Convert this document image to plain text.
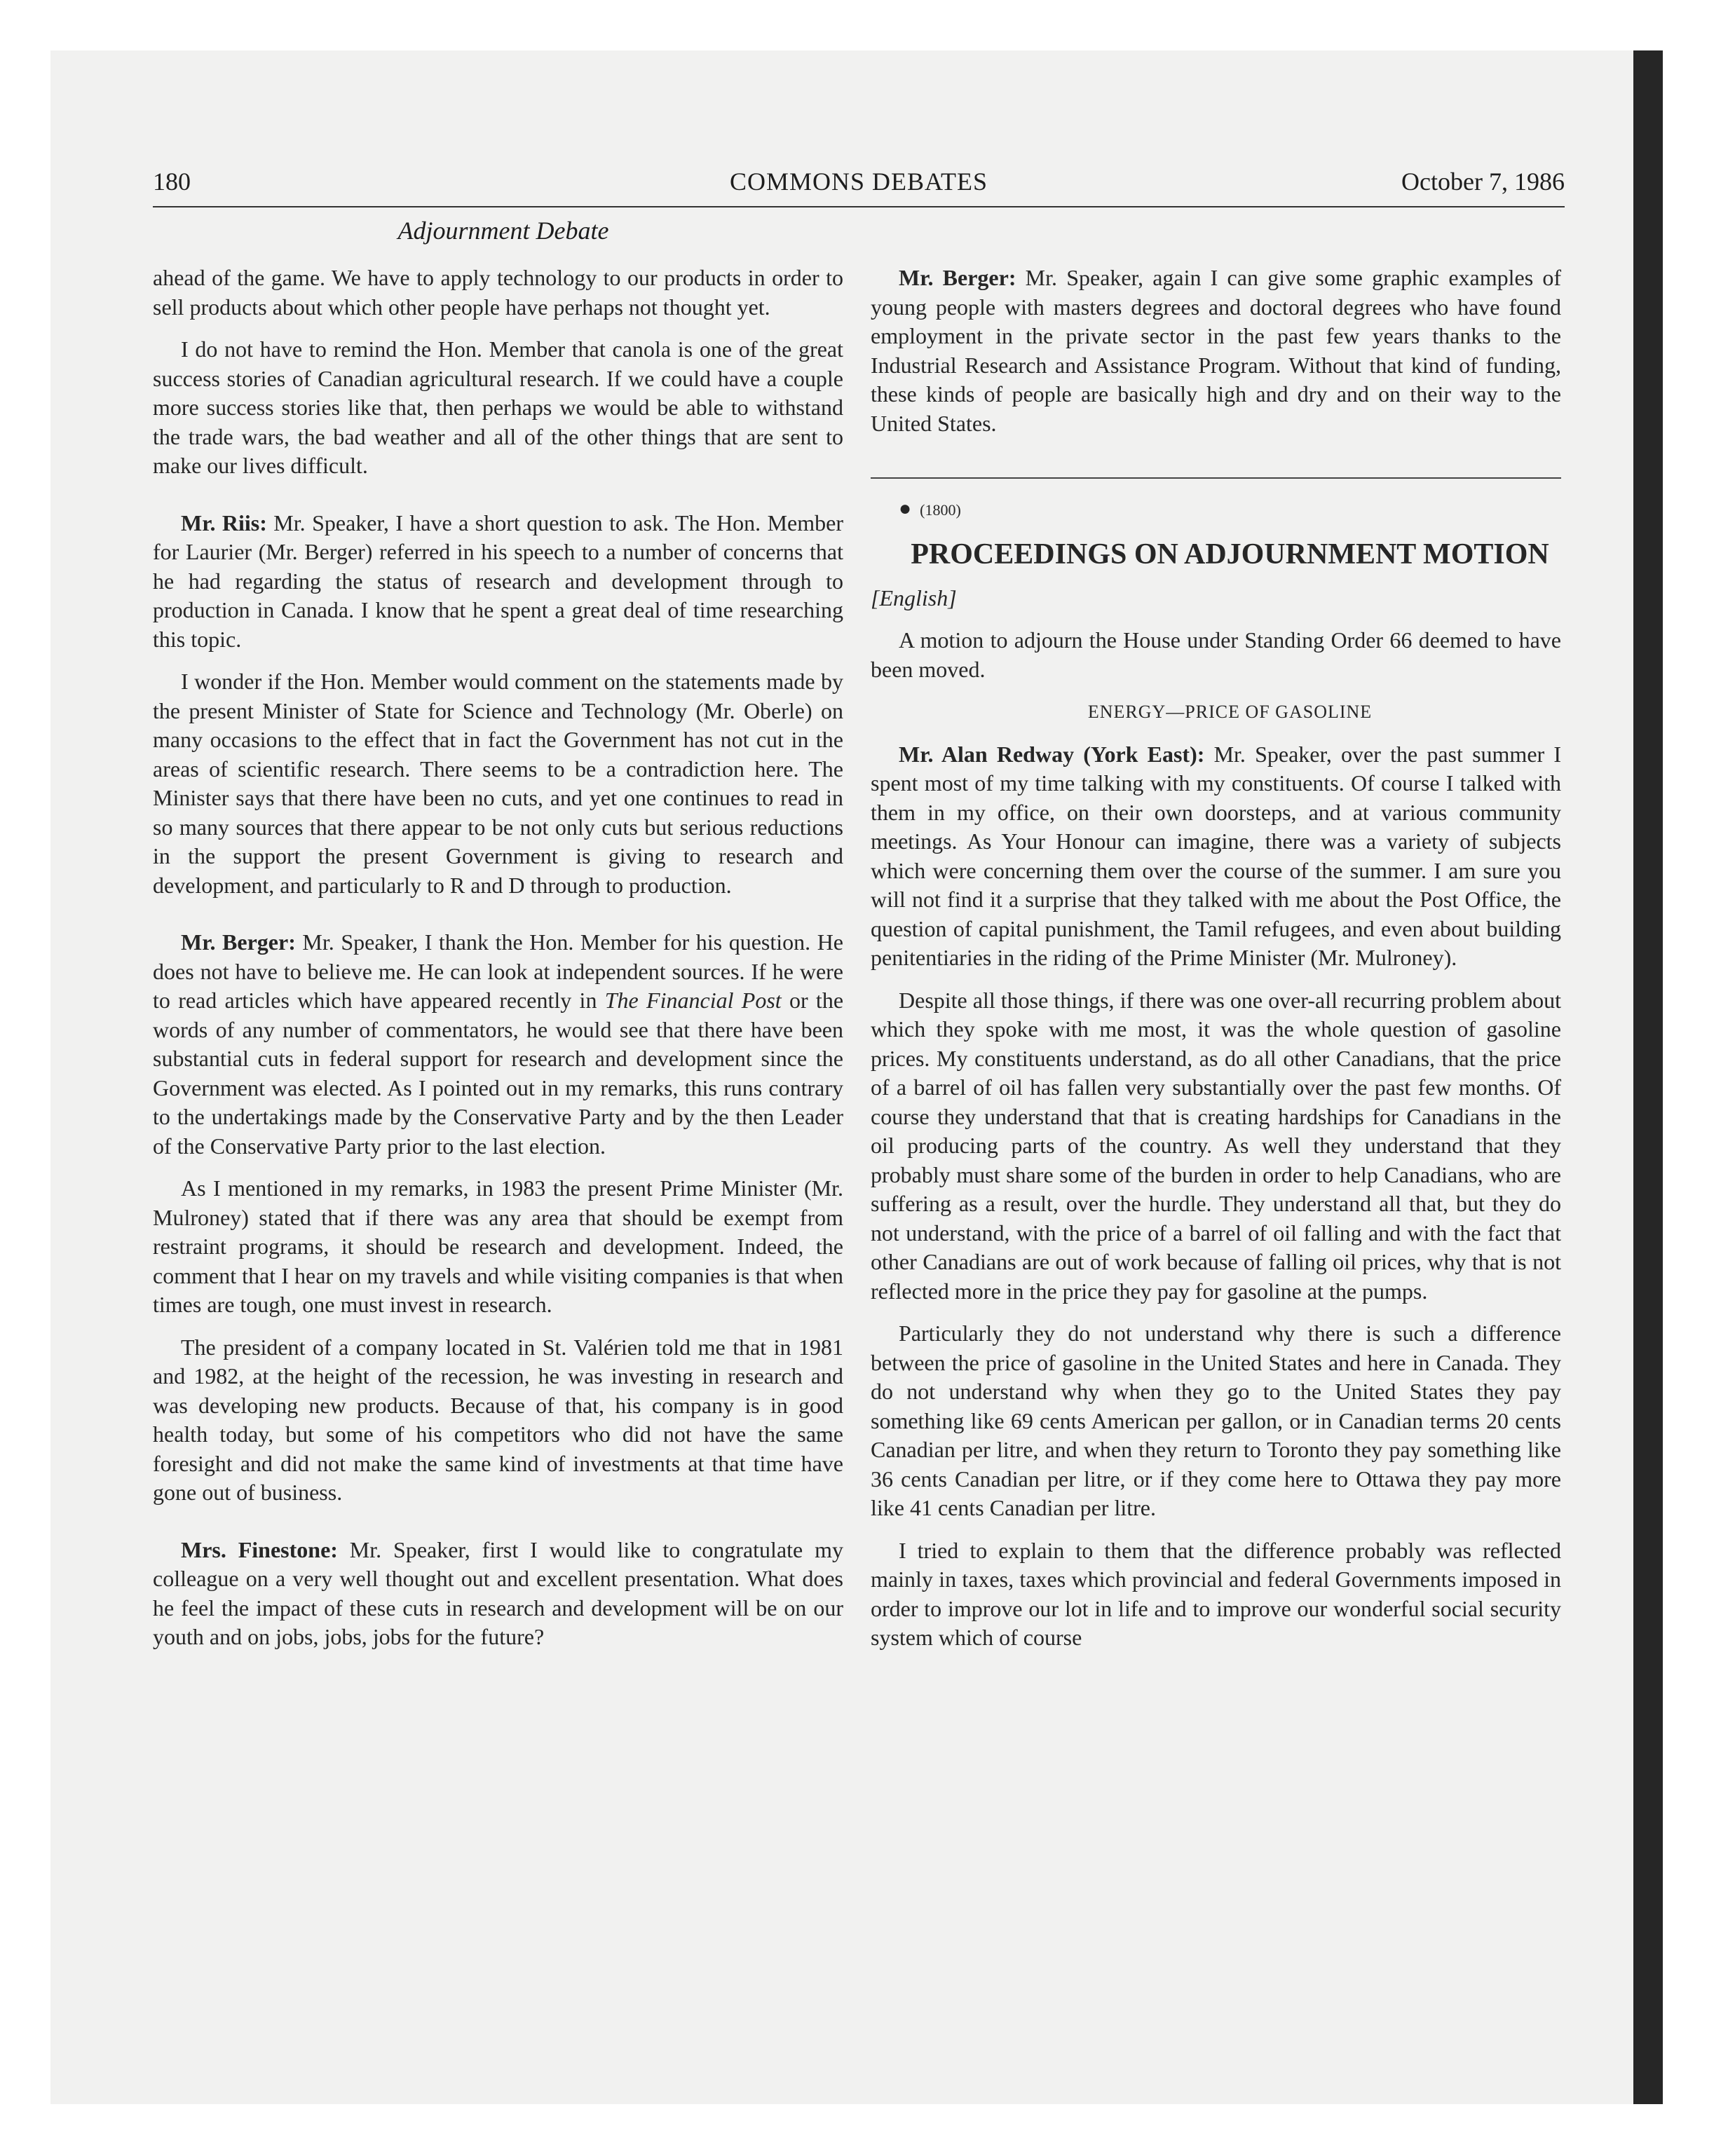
180	COMMONS DEBATES	October 7, 1986
Adjournment Debate

ahead of the game. We have to apply technology to our products in order to sell products about which other people have perhaps not thought yet.

I do not have to remind the Hon. Member that canola is one of the great success stories of Canadian agricultural research. If we could have a couple more success stories like that, then perhaps we would be able to withstand the trade wars, the bad weather and all of the other things that are sent to make our lives difficult.

Mr. Riis: Mr. Speaker, I have a short question to ask. The Hon. Member for Laurier (Mr. Berger) referred in his speech to a number of concerns that he had regarding the status of research and development through to production in Canada. I know that he spent a great deal of time researching this topic.

I wonder if the Hon. Member would comment on the statements made by the present Minister of State for Science and Technology (Mr. Oberle) on many occasions to the effect that in fact the Government has not cut in the areas of scientific research. There seems to be a contradiction here. The Minister says that there have been no cuts, and yet one continues to read in so many sources that there appear to be not only cuts but serious reductions in the support the present Government is giving to research and development, and particularly to R and D through to production.

Mr. Berger: Mr. Speaker, I thank the Hon. Member for his question. He does not have to believe me. He can look at independent sources. If he were to read articles which have appeared recently in The Financial Post or the words of any number of commentators, he would see that there have been substantial cuts in federal support for research and development since the Government was elected. As I pointed out in my remarks, this runs contrary to the undertakings made by the Conservative Party and by the then Leader of the Conservative Party prior to the last election.

As I mentioned in my remarks, in 1983 the present Prime Minister (Mr. Mulroney) stated that if there was any area that should be exempt from restraint programs, it should be research and development. Indeed, the comment that I hear on my travels and while visiting companies is that when times are tough, one must invest in research.

The president of a company located in St. Valérien told me that in 1981 and 1982, at the height of the recession, he was investing in research and was developing new products. Because of that, his company is in good health today, but some of his competitors who did not have the same foresight and did not make the same kind of investments at that time have gone out of business.

Mrs. Finestone: Mr. Speaker, first I would like to congratulate my colleague on a very well thought out and excellent presentation. What does he feel the impact of these cuts in research and development will be on our youth and on jobs, jobs, jobs for the future?

Mr. Berger: Mr. Speaker, again I can give some graphic examples of young people with masters degrees and doctoral degrees who have found employment in the private sector in the past few years thanks to the Industrial Research and Assistance Program. Without that kind of funding, these kinds of people are basically high and dry and on their way to the United States.

● (1800)

PROCEEDINGS ON ADJOURNMENT MOTION

[English]

A motion to adjourn the House under Standing Order 66 deemed to have been moved.

ENERGY—PRICE OF GASOLINE

Mr. Alan Redway (York East): Mr. Speaker, over the past summer I spent most of my time talking with my constituents. Of course I talked with them in my office, on their own doorsteps, and at various community meetings. As Your Honour can imagine, there was a variety of subjects which were concerning them over the course of the summer. I am sure you will not find it a surprise that they talked with me about the Post Office, the question of capital punishment, the Tamil refugees, and even about building penitentiaries in the riding of the Prime Minister (Mr. Mulroney).

Despite all those things, if there was one over-all recurring problem about which they spoke with me most, it was the whole question of gasoline prices. My constituents understand, as do all other Canadians, that the price of a barrel of oil has fallen very substantially over the past few months. Of course they understand that that is creating hardships for Canadians in the oil producing parts of the country. As well they understand that they probably must share some of the burden in order to help Canadians, who are suffering as a result, over the hurdle. They understand all that, but they do not understand, with the price of a barrel of oil falling and with the fact that other Canadians are out of work because of falling oil prices, why that is not reflected more in the price they pay for gasoline at the pumps.

Particularly they do not understand why there is such a difference between the price of gasoline in the United States and here in Canada. They do not understand why when they go to the United States they pay something like 69 cents American per gallon, or in Canadian terms 20 cents Canadian per litre, and when they return to Toronto they pay something like 36 cents Canadian per litre, or if they come here to Ottawa they pay more like 41 cents Canadian per litre.

I tried to explain to them that the difference probably was reflected mainly in taxes, taxes which provincial and federal Governments imposed in order to improve our lot in life and to improve our wonderful social security system which of course
